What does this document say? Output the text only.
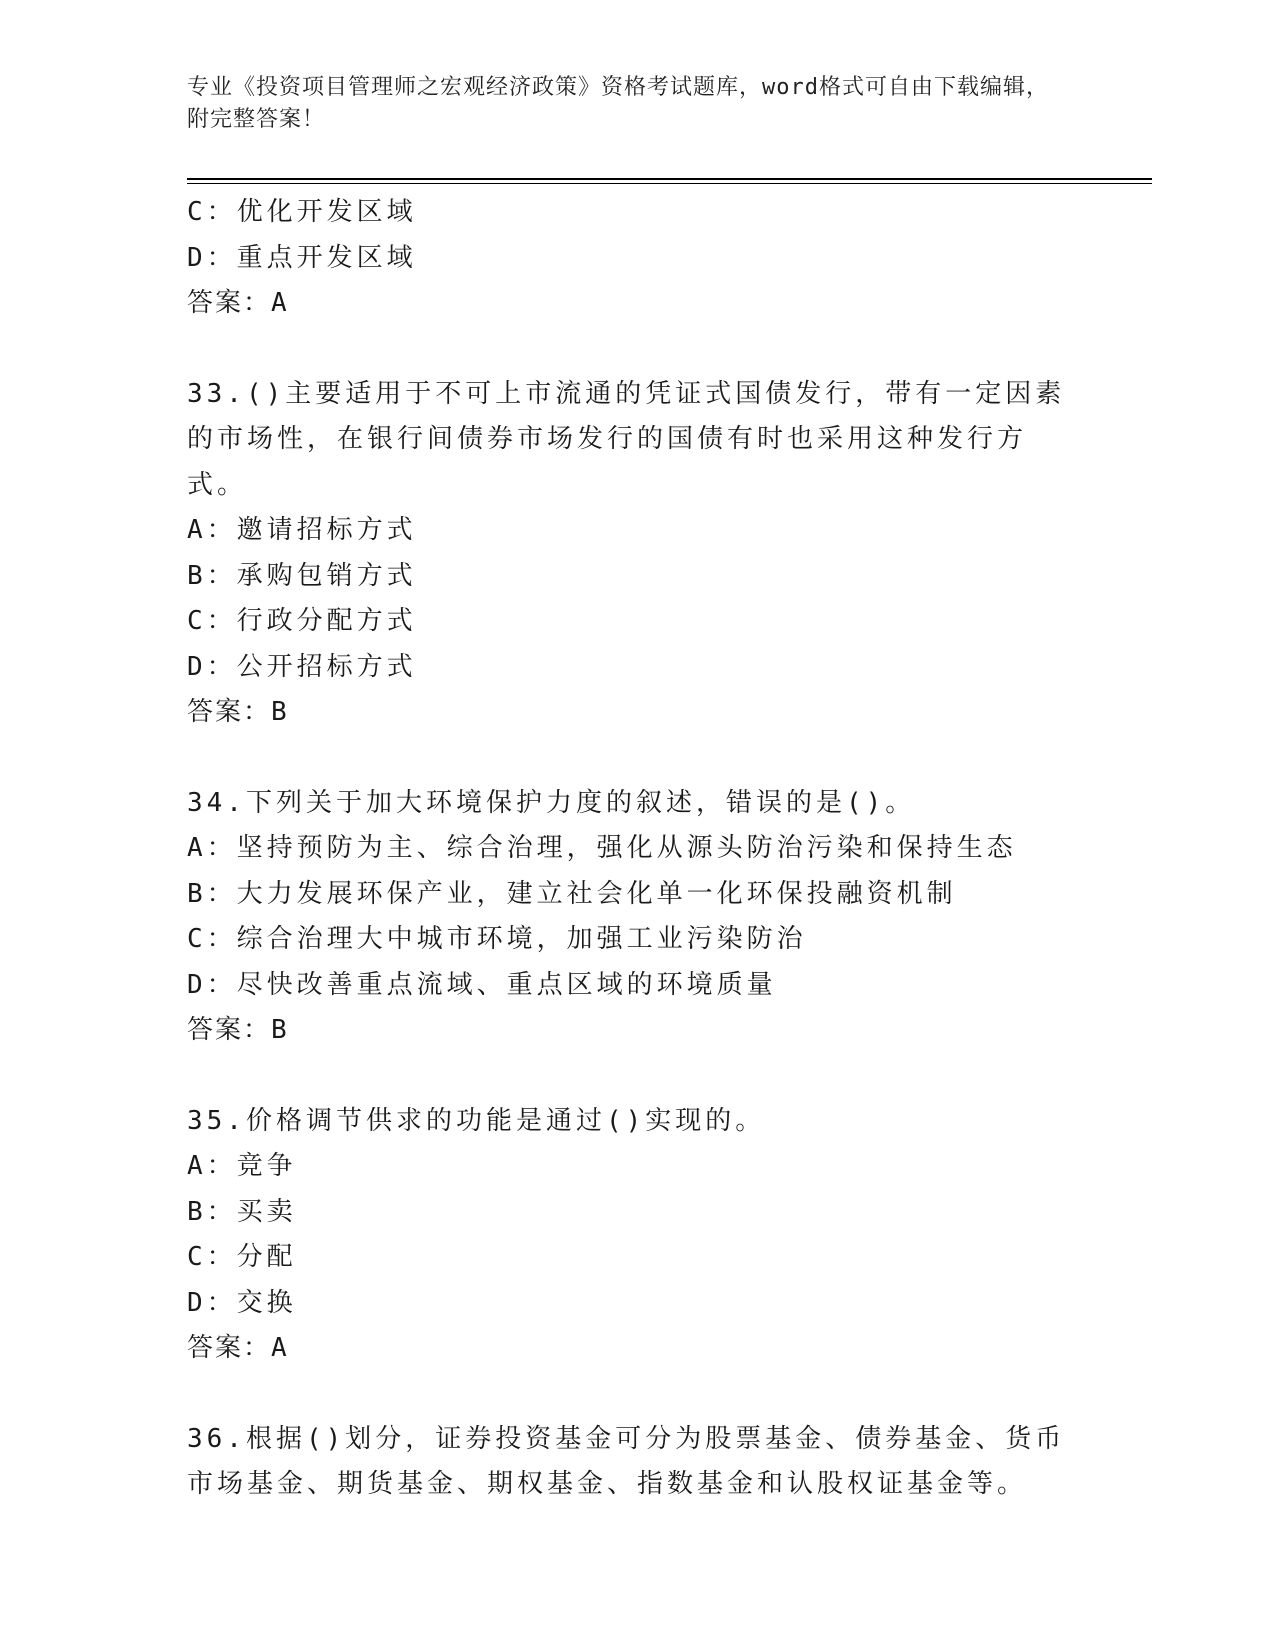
专业《投资项目管理师之宏观经济政策》资格考试题库，word格式可自由下载编辑，附完整答案！
C：优化开发区域
D：重点开发区域
答案：A
33.()主要适用于不可上市流通的凭证式国债发行，带有一定因素的市场性，在银行间债券市场发行的国债有时也采用这种发行方式。
A：邀请招标方式
B：承购包销方式
C：行政分配方式
D：公开招标方式
答案：B
34.下列关于加大环境保护力度的叙述，错误的是()。
A：坚持预防为主、综合治理，强化从源头防治污染和保持生态
B：大力发展环保产业，建立社会化单一化环保投融资机制
C：综合治理大中城市环境，加强工业污染防治
D：尽快改善重点流域、重点区域的环境质量
答案：B
35.价格调节供求的功能是通过()实现的。
A：竞争
B：买卖
C：分配
D：交换
答案：A
36.根据()划分，证券投资基金可分为股票基金、债券基金、货币市场基金、期货基金、期权基金、指数基金和认股权证基金等。
